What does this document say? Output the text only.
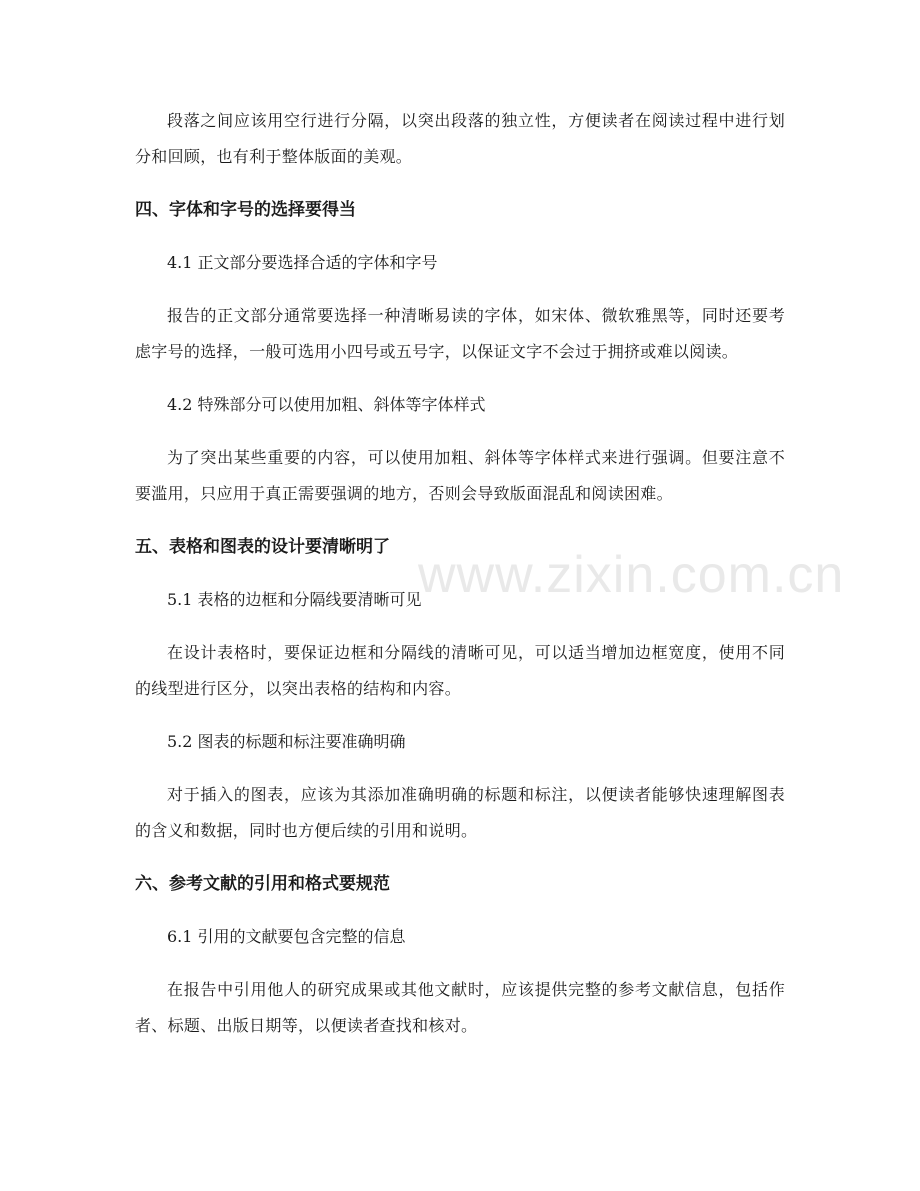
www.zixin.com.cn

段落之间应该用空行进行分隔，以突出段落的独立性，方便读者在阅读过程中进行划分和回顾，也有利于整体版面的美观。

四、字体和字号的选择要得当
4.1 正文部分要选择合适的字体和字号

报告的正文部分通常要选择一种清晰易读的字体，如宋体、微软雅黑等，同时还要考虑字号的选择，一般可选用小四号或五号字，以保证文字不会过于拥挤或难以阅读。

4.2 特殊部分可以使用加粗、斜体等字体样式

为了突出某些重要的内容，可以使用加粗、斜体等字体样式来进行强调。但要注意不要滥用，只应用于真正需要强调的地方，否则会导致版面混乱和阅读困难。

五、表格和图表的设计要清晰明了
5.1 表格的边框和分隔线要清晰可见

在设计表格时，要保证边框和分隔线的清晰可见，可以适当增加边框宽度，使用不同的线型进行区分，以突出表格的结构和内容。

5.2 图表的标题和标注要准确明确

对于插入的图表，应该为其添加准确明确的标题和标注，以便读者能够快速理解图表的含义和数据，同时也方便后续的引用和说明。

六、参考文献的引用和格式要规范
6.1 引用的文献要包含完整的信息

在报告中引用他人的研究成果或其他文献时，应该提供完整的参考文献信息，包括作者、标题、出版日期等，以便读者查找和核对。
